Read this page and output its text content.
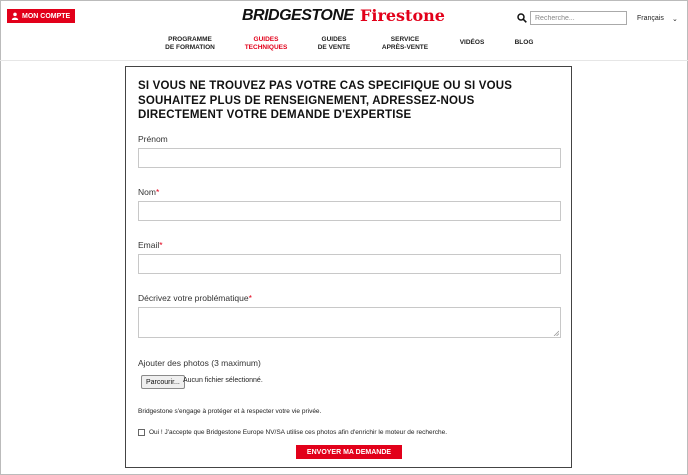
MON COMPTE	BRIDGESTONE Firestone
Recherche...	Français ⌄
PROGRAMME
DE FORMATION
GUIDES
TECHNIQUES
GUIDES
DE VENTE
SERVICE
APRÈS-VENTE
VIDÉOS	BLOG
SI VOUS NE TROUVEZ PAS VOTRE CAS SPECIFIQUE OU SI VOUS SOUHAITEZ PLUS DE RENSEIGNEMENT, ADRESSEZ-NOUS DIRECTEMENT VOTRE DEMANDE D'EXPERTISE
Prénom
Nom*
Email*
Décrivez votre problématique*
Ajouter des photos (3 maximum)
Parcourir... Aucun fichier sélectionné.
Bridgestone s'engage à protéger et à respecter votre vie privée.
Oui ! J'accepte que Bridgestone Europe NV/SA utilise ces photos afin d'enrichir le moteur de recherche.
ENVOYER MA DEMANDE
